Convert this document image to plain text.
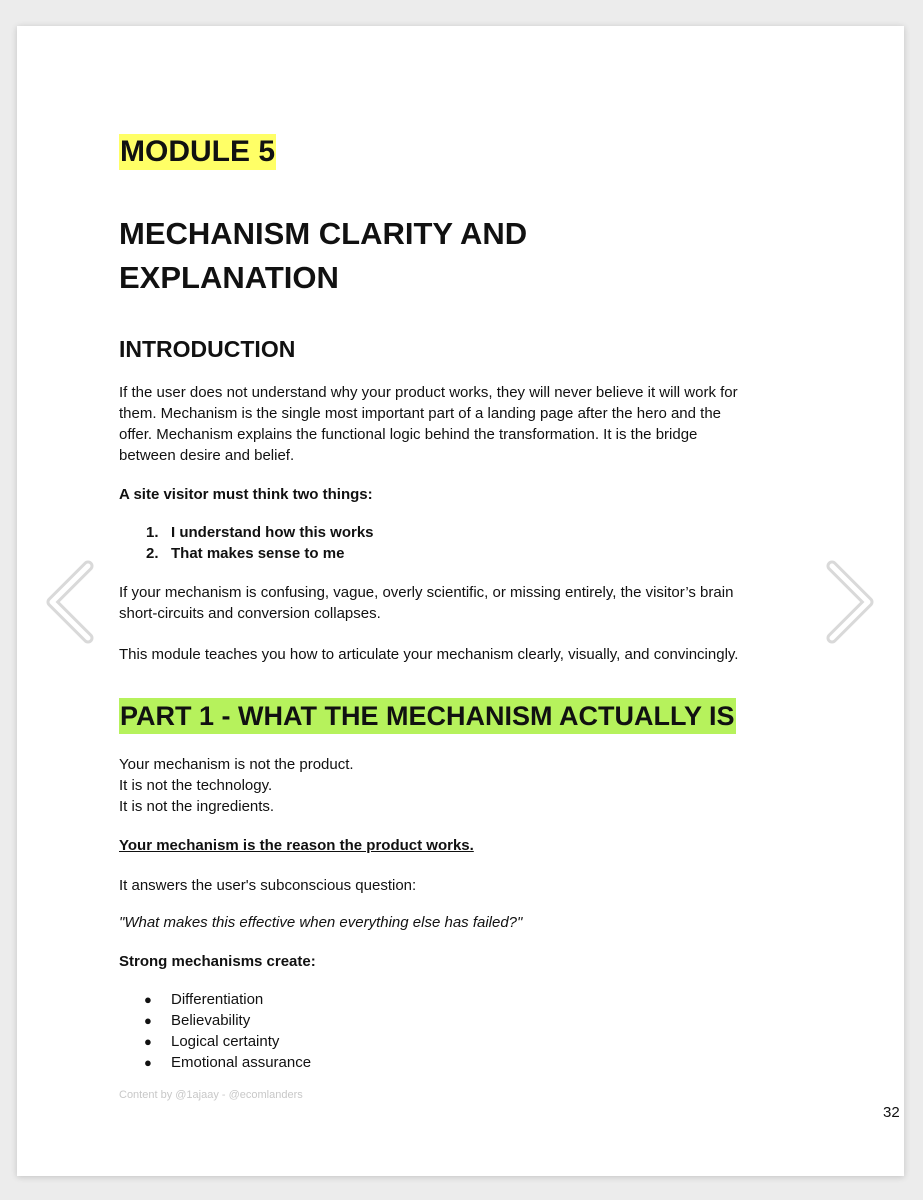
MODULE 5
MECHANISM CLARITY AND
EXPLANATION
INTRODUCTION

If the user does not understand why your product works, they will never believe it will work for
them. Mechanism is the single most important part of a landing page after the hero and the
offer. Mechanism explains the functional logic behind the transformation. It is the bridge
between desire and belief.

A site visitor must think two things:

1. I understand how this works
2. That makes sense to me

If your mechanism is confusing, vague, overly scientific, or missing entirely, the visitor’s brain
short-circuits and conversion collapses.

This module teaches you how to articulate your mechanism clearly, visually, and convincingly.

PART 1 - WHAT THE MECHANISM ACTUALLY IS

Your mechanism is not the product.
It is not the technology.
It is not the ingredients.

Your mechanism is the reason the product works.

It answers the user's subconscious question:

"What makes this effective when everything else has failed?"

Strong mechanisms create:

● Differentiation
● Believability
● Logical certainty
● Emotional assurance
Content by @1ajaay - @ecomlanders
32
